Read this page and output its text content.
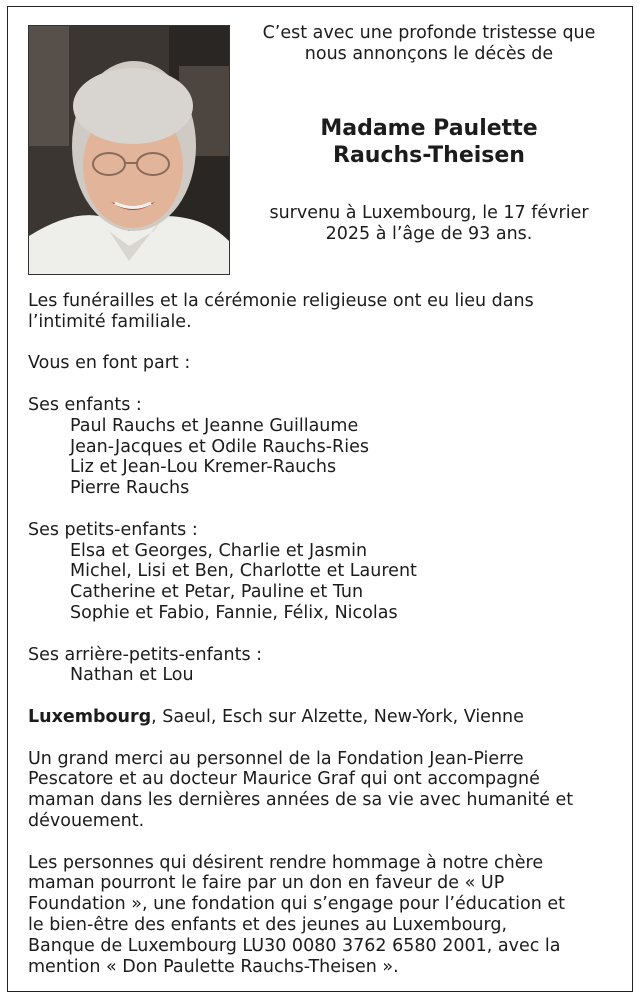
C’est avec une profonde tristesse que
nous annonçons le décès de
Madame Paulette
Rauchs-Theisen
survenu à Luxembourg, le 17 février
2025 à l’âge de 93 ans.

Les funérailles et la cérémonie religieuse ont eu lieu dans

l’intimité familiale.

Vous en font part :

Ses enfants :

Paul Rauchs et Jeanne Guillaume

Jean-Jacques et Odile Rauchs-Ries

Liz et Jean-Lou Kremer-Rauchs

Pierre Rauchs

Ses petits-enfants :

Elsa et Georges, Charlie et Jasmin

Michel, Lisi et Ben, Charlotte et Laurent

Catherine et Petar, Pauline et Tun

Sophie et Fabio, Fannie, Félix, Nicolas

Ses arrière-petits-enfants :

Nathan et Lou

Luxembourg, Saeul, Esch sur Alzette, New-York, Vienne

Un grand merci au personnel de la Fondation Jean-Pierre

Pescatore et au docteur Maurice Graf qui ont accompagné

maman dans les dernières années de sa vie avec humanité et

dévouement.

Les personnes qui désirent rendre hommage à notre chère

maman pourront le faire par un don en faveur de « UP

Foundation », une fondation qui s’engage pour l’éducation et

le bien-être des enfants et des jeunes au Luxembourg,

Banque de Luxembourg LU30 0080 3762 6580 2001, avec la

mention « Don Paulette Rauchs-Theisen ».
